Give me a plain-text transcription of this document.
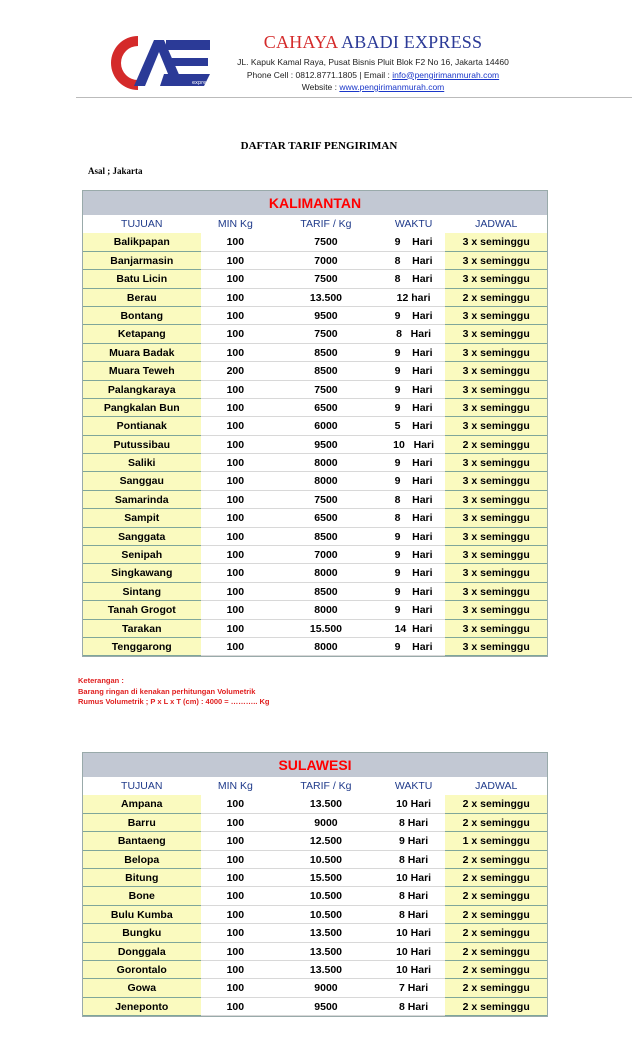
express
CAHAYA ABADI EXPRESS
JL. Kapuk Kamal Raya, Pusat Bisnis Pluit Blok F2 No 16, Jakarta 14460
Phone Cell : 0812.8771.1805 | Email : info@pengirimanmurah.com
Website : www.pengirimanmurah.com
DAFTAR TARIF PENGIRIMAN
Asal ; Jakarta
KALIMANTAN
TUJUAN	MIN Kg	TARIF / Kg	WAKTU	JADWAL
Balikpapan	100	7500	9    Hari	3 x seminggu
Banjarmasin	100	7000	8    Hari	3 x seminggu
Batu Licin	100	7500	8    Hari	3 x seminggu
Berau	100	13.500	12 hari	2 x seminggu
Bontang	100	9500	9    Hari	3 x seminggu
Ketapang	100	7500	8   Hari	3 x seminggu
Muara Badak	100	8500	9    Hari	3 x seminggu
Muara Teweh	200	8500	9    Hari	3 x seminggu
Palangkaraya	100	7500	9    Hari	3 x seminggu
Pangkalan Bun	100	6500	9    Hari	3 x seminggu
Pontianak	100	6000	5    Hari	3 x seminggu
Putussibau	100	9500	10   Hari	2 x seminggu
Saliki	100	8000	9    Hari	3 x seminggu
Sanggau	100	8000	9    Hari	3 x seminggu
Samarinda	100	7500	8    Hari	3 x seminggu
Sampit	100	6500	8    Hari	3 x seminggu
Sanggata	100	8500	9    Hari	3 x seminggu
Senipah	100	7000	9    Hari	3 x seminggu
Singkawang	100	8000	9    Hari	3 x seminggu
Sintang	100	8500	9    Hari	3 x seminggu
Tanah Grogot	100	8000	9    Hari	3 x seminggu
Tarakan	100	15.500	14  Hari	3 x seminggu
Tenggarong	100	8000	9    Hari	3 x seminggu
Keterangan :
Barang ringan di kenakan perhitungan Volumetrik
Rumus Volumetrik ; P x L x T (cm) : 4000 = ……….. Kg
SULAWESI
TUJUAN	MIN Kg	TARIF / Kg	WAKTU	JADWAL
Ampana	100	13.500	10 Hari	2 x seminggu
Barru	100	9000	8 Hari	2 x seminggu
Bantaeng	100	12.500	9 Hari	1 x seminggu
Belopa	100	10.500	8 Hari	2 x seminggu
Bitung	100	15.500	10 Hari	2 x seminggu
Bone	100	10.500	8 Hari	2 x seminggu
Bulu Kumba	100	10.500	8 Hari	2 x seminggu
Bungku	100	13.500	10 Hari	2 x seminggu
Donggala	100	13.500	10 Hari	2 x seminggu
Gorontalo	100	13.500	10 Hari	2 x seminggu
Gowa	100	9000	7 Hari	2 x seminggu
Jeneponto	100	9500	8 Hari	2 x seminggu
